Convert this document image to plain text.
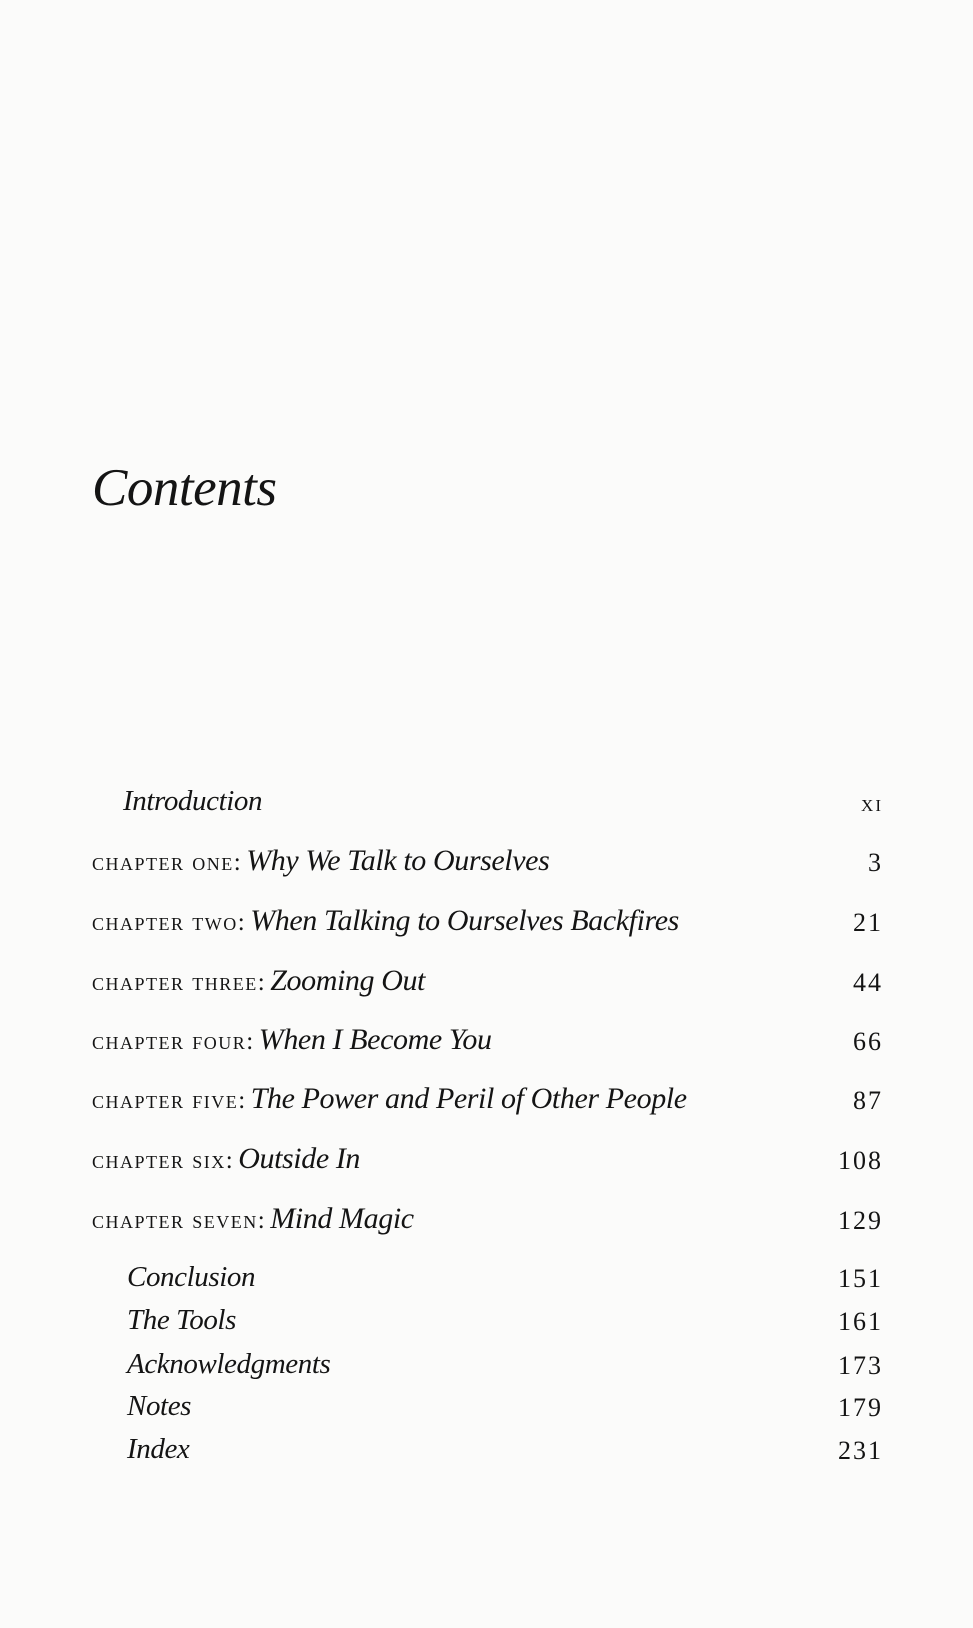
Contents
Introduction	xi
chapter one: Why We Talk to Ourselves	3
chapter two: When Talking to Ourselves Backfires	21
chapter three: Zooming Out	44
chapter four: When I Become You	66
chapter five: The Power and Peril of Other People	87
chapter six: Outside In	108
chapter seven: Mind Magic	129
Conclusion	151
The Tools	161
Acknowledgments	173
Notes	179
Index	231
